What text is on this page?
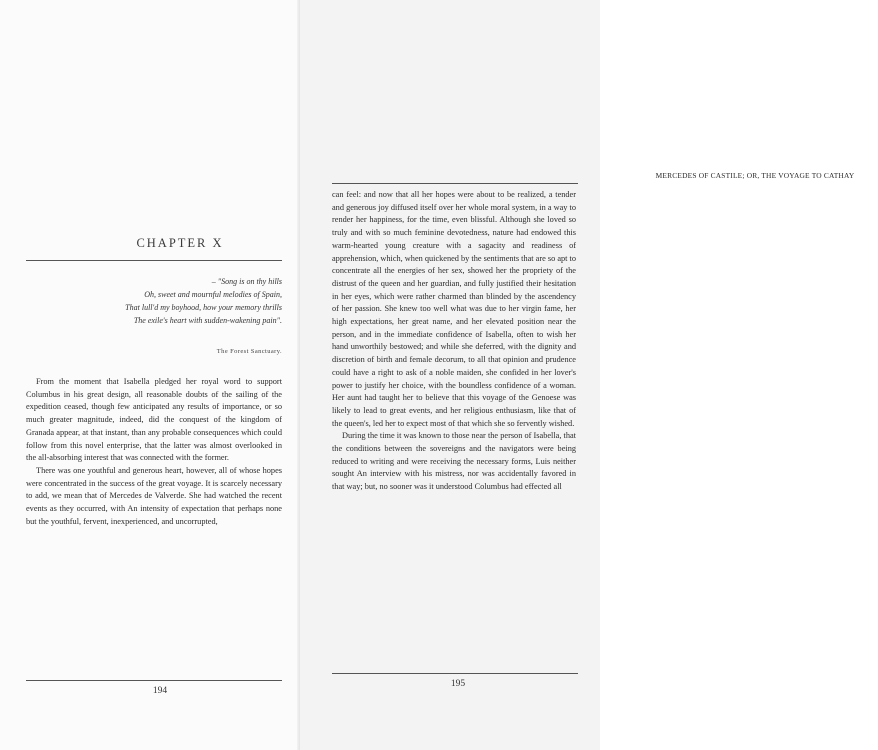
CHAPTER X
– "Song is on thy hills
Oh, sweet and mournful melodies of Spain,
That lull'd my boyhood, how your memory thrills
The exile's heart with sudden-wakening pain".
The Forest Sanctuary.

From the moment that Isabella pledged her royal word to support Columbus in his great design, all reasonable doubts of the sailing of the expedition ceased, though few anticipated any results of importance, or so much greater magnitude, indeed, did the conquest of the kingdom of Granada appear, at that instant, than any probable consequences which could follow from this novel enterprise, that the latter was almost overlooked in the all-absorbing interest that was connected with the former.

There was one youthful and generous heart, however, all of whose hopes were concentrated in the success of the great voyage. It is scarcely necessary to add, we mean that of Mercedes de Valverde. She had watched the recent events as they occurred, with An intensity of expectation that perhaps none but the youthful, fervent, inexperienced, and uncorrupted,

194
MERCEDES OF CASTILE; OR, THE VOYAGE TO CATHAY

can feel: and now that all her hopes were about to be realized, a tender and generous joy diffused itself over her whole moral system, in a way to render her happiness, for the time, even blissful. Although she loved so truly and with so much feminine devotedness, nature had endowed this warm-hearted young creature with a sagacity and readiness of apprehension, which, when quickened by the sentiments that are so apt to concentrate all the energies of her sex, showed her the propriety of the distrust of the queen and her guardian, and fully justified their hesitation in her eyes, which were rather charmed than blinded by the ascendency of her passion. She knew too well what was due to her virgin fame, her high expectations, her great name, and her elevated position near the person, and in the immediate confidence of Isabella, often to wish her hand unworthily bestowed; and while she deferred, with the dignity and discretion of birth and female decorum, to all that opinion and prudence could have a right to ask of a noble maiden, she confided in her lover's power to justify her choice, with the boundless confidence of a woman. Her aunt had taught her to believe that this voyage of the Genoese was likely to lead to great events, and her religious enthusiasm, like that of the queen's, led her to expect most of that which she so fervently wished.

During the time it was known to those near the person of Isabella, that the conditions between the sovereigns and the navigators were being reduced to writing and were receiving the necessary forms, Luis neither sought An interview with his mistress, nor was accidentally favored in that way; but, no sooner was it understood Columbus had effected all

195
